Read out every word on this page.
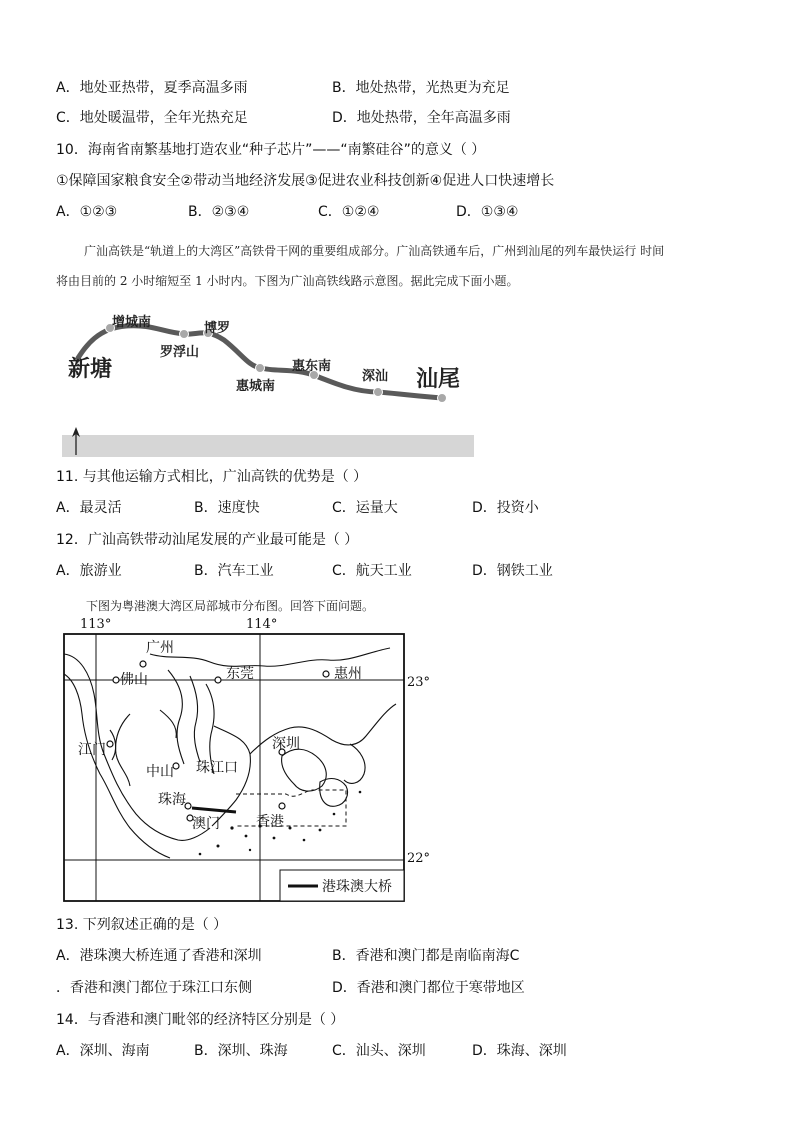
A．地处亚热带，夏季高温多雨	B．地处热带，光热更为充足
C．地处暖温带，全年光热充足	D．地处热带，全年高温多雨
10．海南省南繁基地打造农业“种子芯片”——“南繁硅谷”的意义（ ）
①保障国家粮食安全②带动当地经济发展③促进农业科技创新④促进人口快速增长
A．①②③	B．②③④	C．①②④	D．①③④
广汕高铁是“轨道上的大湾区”高铁骨干网的重要组成部分。广汕高铁通车后，广州到汕尾的列车最快运行 时间
将由目前的 2 小时缩短至 1 小时内。下图为广汕高铁线路示意图。据此完成下面小题。
新塘
增城南
罗浮山
博罗
惠城南
惠东南
深汕 汕尾
11. 与其他运输方式相比，广汕高铁的优势是（ ）
A．最灵活	B．速度快	C．运量大	D．投资小
12．广汕高铁带动汕尾发展的产业最可能是（ ）
A．旅游业	B．汽车工业	C．航天工业	D．钢铁工业
下图为粤港澳大湾区局部城市分布图。回答下面问题。
113°	114°
23°
22°
广州
佛山	东莞	惠州
江门
中山 珠江口
深圳
珠海
澳门	香港
港珠澳大桥
13. 下列叙述正确的是（ ）
A．港珠澳大桥连通了香港和深圳	B．香港和澳门都是南临南海C
．香港和澳门都位于珠江口东侧	D．香港和澳门都位于寒带地区
14．与香港和澳门毗邻的经济特区分别是（ ）
A．深圳、海南	B．深圳、珠海	C．汕头、深圳	D．珠海、深圳
